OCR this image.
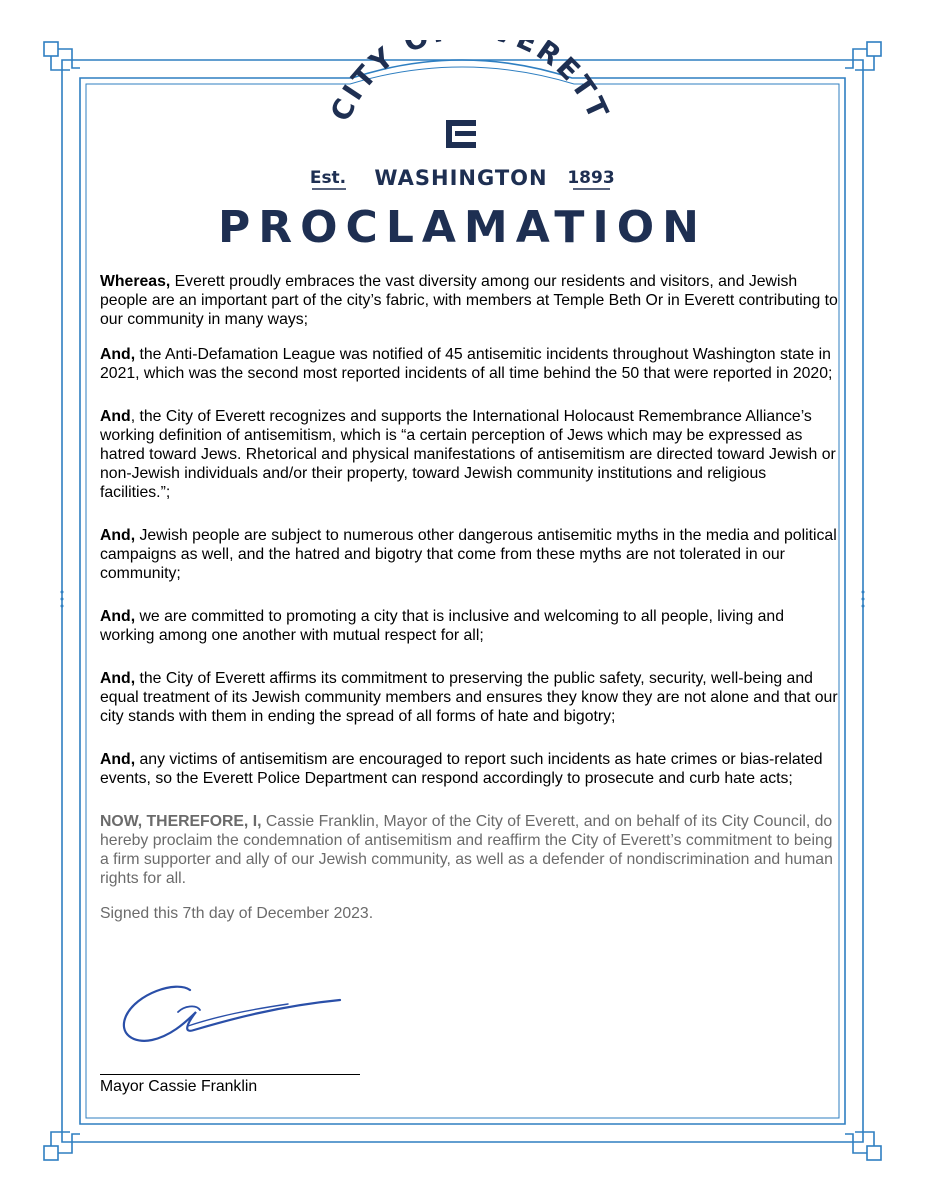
CITY ERETT
Est. WASHINGTON 1893
PROCLAMATION

Whereas, Everett proudly embraces the vast diversity among our residents and visitors, and Jewish people are an important part of the city’s fabric, with members at Temple Beth Or in Everett contributing to our community in many ways;

And, the Anti-Defamation League was notified of 45 antisemitic incidents throughout Washington state in 2021, which was the second most reported incidents of all time behind the 50 that were reported in 2020;

And, the City of Everett recognizes and supports the International Holocaust Remembrance Alliance’s working definition of antisemitism, which is “a certain perception of Jews which may be expressed as hatred toward Jews. Rhetorical and physical manifestations of antisemitism are directed toward Jewish or non-Jewish individuals and/or their property, toward Jewish community institutions and religious facilities.”;

And, Jewish people are subject to numerous other dangerous antisemitic myths in the media and political campaigns as well, and the hatred and bigotry that come from these myths are not tolerated in our community;

And, we are committed to promoting a city that is inclusive and welcoming to all people, living and working among one another with mutual respect for all;

And, the City of Everett affirms its commitment to preserving the public safety, security, well-being and equal treatment of its Jewish community members and ensures they know they are not alone and that our city stands with them in ending the spread of all forms of hate and bigotry;

And, any victims of antisemitism are encouraged to report such incidents as hate crimes or bias-related events, so the Everett Police Department can respond accordingly to prosecute and curb hate acts;

NOW, THEREFORE, I, Cassie Franklin, Mayor of the City of Everett, and on behalf of its City Council, do hereby proclaim the condemnation of antisemitism and reaffirm the City of Everett’s commitment to being a firm supporter and ally of our Jewish community, as well as a defender of nondiscrimination and human rights for all.

Signed this 7th day of December 2023.

Mayor Cassie Franklin
